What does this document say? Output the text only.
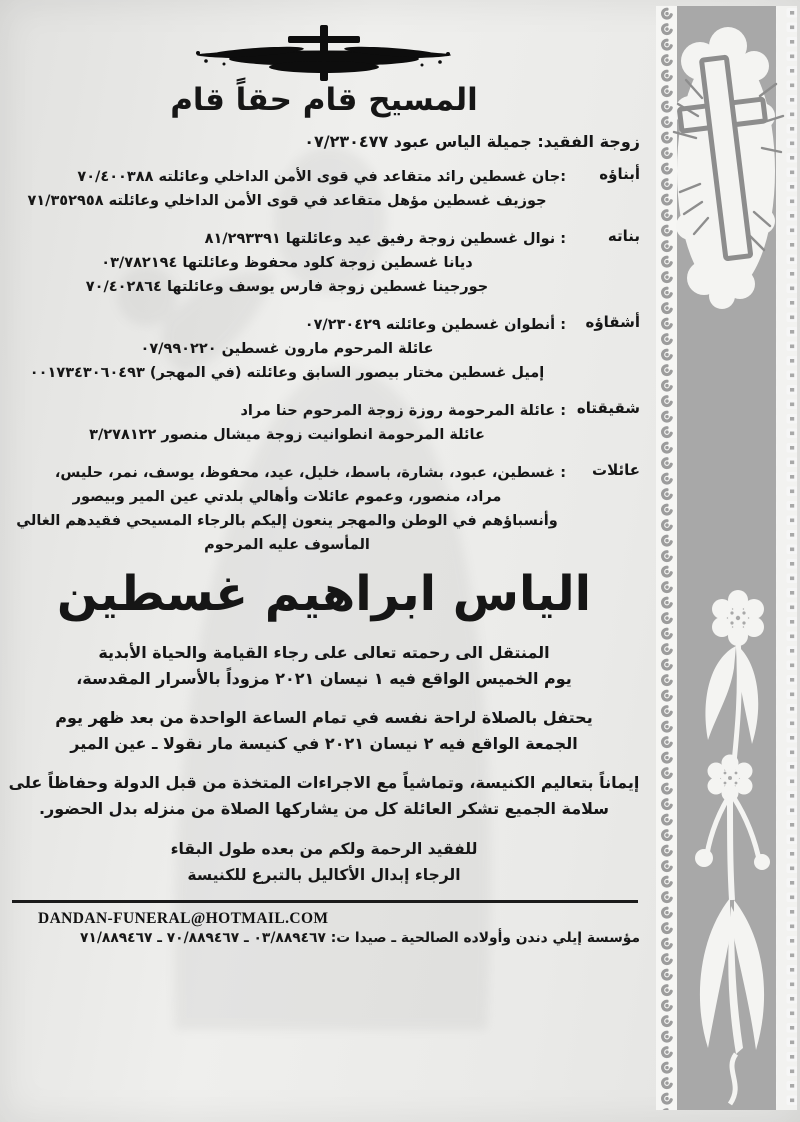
المسيح قام حقاً قام
زوجة الفقيد: جميلة الياس عبود ٠٧/٢٣٠٤٧٧
أبناؤه
:جان غسطين رائد متقاعد في قوى الأمن الداخلي وعائلته ٧٠/٤٠٠٣٨٨
جوزيف غسطين مؤهل متقاعد في قوى الأمن الداخلي وعائلته ٧١/٣٥٢٩٥٨
بناته
: نوال غسطين زوجة رفيق عيد وعائلتها ٨١/٢٩٣٣٩١
ديانا غسطين زوجة كلود محفوظ وعائلتها ٠٣/٧٨٢١٩٤
جورجينا غسطين زوجة فارس يوسف وعائلتها ٧٠/٤٠٢٨٦٤
أشقاؤه
: أنطوان غسطين وعائلته ٠٧/٢٣٠٤٢٩
عائلة المرحوم مارون غسطين ٠٧/٩٩٠٢٢٠
إميل غسطين مختار بيصور السابق وعائلته (في المهجر) ٠٠١٧٣٤٣٠٦٠٤٩٣
شقيقتاه
: عائلة المرحومة روزة زوجة المرحوم حنا مراد
عائلة المرحومة انطوانيت زوجة ميشال منصور ٣/٢٧٨١٢٢
عائلات
: غسطين، عبود، بشارة، باسط، خليل، عيد، محفوظ، يوسف، نمر، حليس،
مراد، منصور، وعموم عائلات وأهالي بلدتي عين المير وبيصور
وأنسباؤهم في الوطن والمهجر ينعون إليكم بالرجاء المسيحي فقيدهم الغالي
المأسوف عليه المرحوم
الياس ابراهيم غسطين
المنتقل الى رحمته تعالى على رجاء القيامة والحياة الأبدية
يوم الخميس الواقع فيه ١ نيسان ٢٠٢١ مزوداً بالأسرار المقدسة،
يحتفل بالصلاة لراحة نفسه في تمام الساعة الواحدة من بعد ظهر يوم
الجمعة الواقع فيه ٢ نيسان ٢٠٢١ في كنيسة مار نقولا ـ عين المير
إيماناً بتعاليم الكنيسة، وتماشياً مع الاجراءات المتخذة من قبل الدولة وحفاظاً على
سلامة الجميع تشكر العائلة كل من يشاركها الصلاة من منزله بدل الحضور.
للفقيد الرحمة ولكم من بعده طول البقاء
الرجاء إبدال الأكاليل بالتبرع للكنيسة
DANDAN-FUNERAL@HOTMAIL.COM
مؤسسة إيلي دندن وأولاده الصالحية ـ صيدا ت: ٠٣/٨٨٩٤٦٧ ـ ٧٠/٨٨٩٤٦٧ ـ ٧١/٨٨٩٤٦٧
